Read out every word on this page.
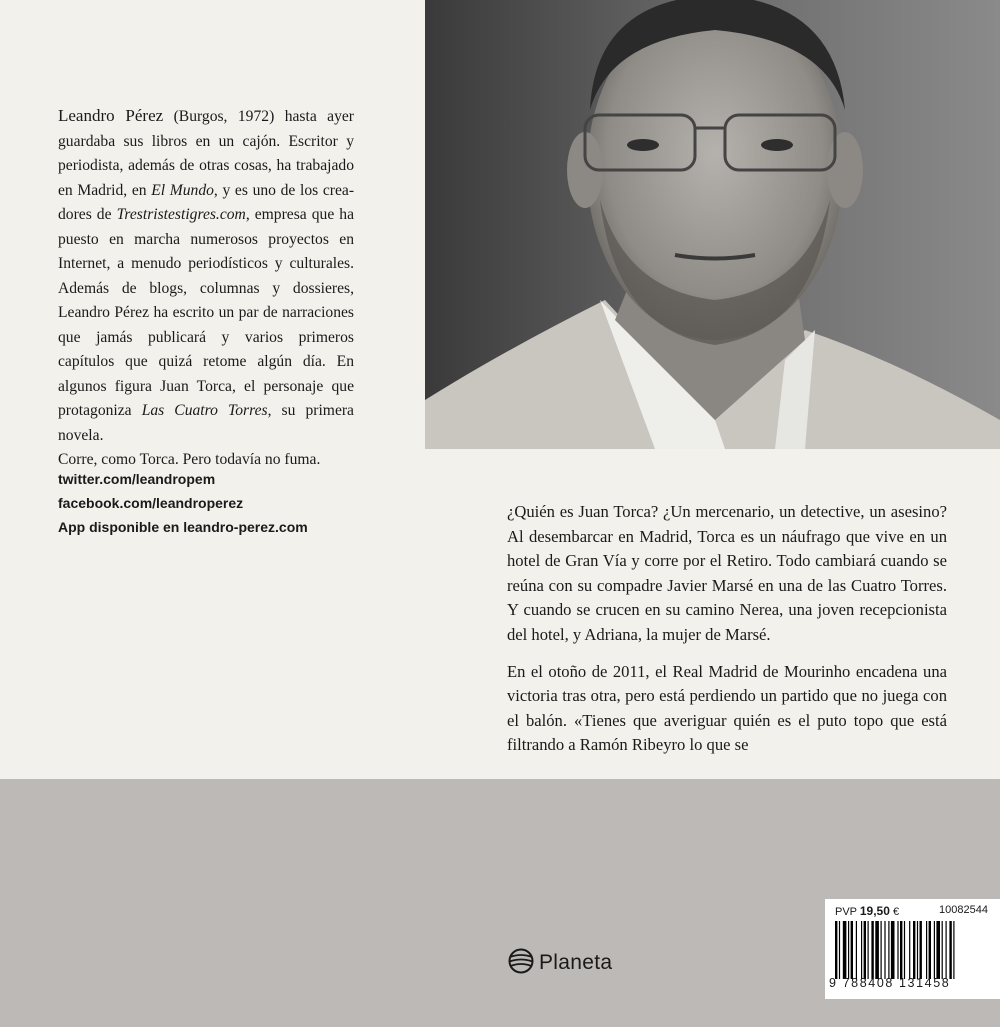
Leandro Pérez (Burgos, 1972) hasta ayer guardaba sus libros en un cajón. Escritor y periodista, además de otras cosas, ha trabajado en Madrid, en El Mundo, y es uno de los creadores de Trestristestigres.com, empresa que ha puesto en marcha numerosos proyectos en Internet, a menudo periodísticos y culturales. Además de blogs, columnas y dossieres, Leandro Pérez ha escrito un par de narraciones que jamás publicará y varios primeros capítulos que quizá retome algún día. En algunos figura Juan Torca, el personaje que protagoniza Las Cuatro Torres, su primera novela.

Corre, como Torca. Pero todavía no fuma.

twitter.com/leandropem
facebook.com/leandroperez
App disponible en leandro-perez.com

¿Quién es Juan Torca? ¿Un mercenario, un detective, un asesino? Al desembarcar en Madrid, Torca es un náufrago que vive en un hotel de Gran Vía y corre por el Retiro. Todo cambiará cuando se reúna con su compadre Javier Marsé en una de las Cuatro Torres. Y cuando se crucen en su camino Nerea, una joven recepcionista del hotel, y Adriana, la mujer de Marsé.

En el otoño de 2011, el Real Madrid de Mourinho encadena una victoria tras otra, pero está perdiendo un partido que no juega con el balón. «Tienes que averiguar quién es el puto topo que está filtrando a Ramón Ribeyro lo que se

Planeta
PVP 19,50 €	10082544
9 788408 131458
